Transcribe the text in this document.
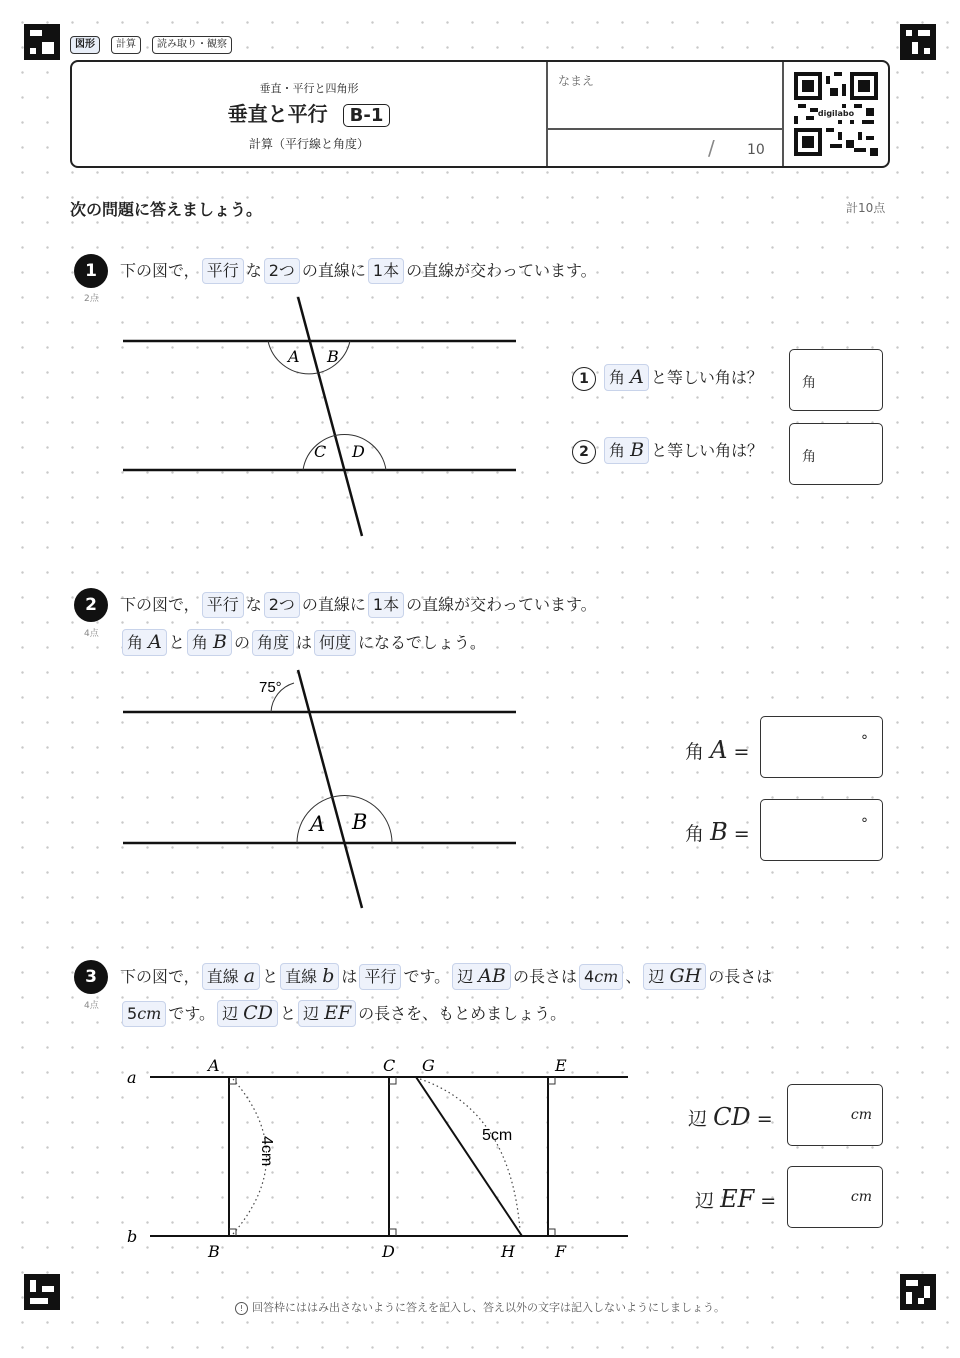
図形	計算	読み取り・観察
垂直・平行と四角形
垂直と平行 B-1
計算（平行線と角度）
なまえ
/ 10
digilabo
次の問題に答えましょう。	計10点
1
2点
下の図で， 平行 な 2つ の直線に 1本 の直線が交わっています。
A B
C D
1 角 A と等しい角は？	角
2 角 B と等しい角は？	角
2
4点
下の図で， 平行 な 2つ の直線に 1本 の直線が交わっています。
角 A と 角 B の 角度 は 何度 になるでしょう。
75°
A B
角 A =	°
角 B =	°
3
4点
下の図で， 直線 a と 直線 b は 平行 です。 辺 AB の長さは 4cm 、 辺 GH の長さは
5cm です。 辺 CD と 辺 EF の長さを、もとめましょう。
a
b
A
B
C
D
G
H
E
F
4cm
5cm
辺 CD =	cm
辺 EF =	cm
! 回答枠にははみ出さないように答えを記入し、答え以外の文字は記入しないようにしましょう。
